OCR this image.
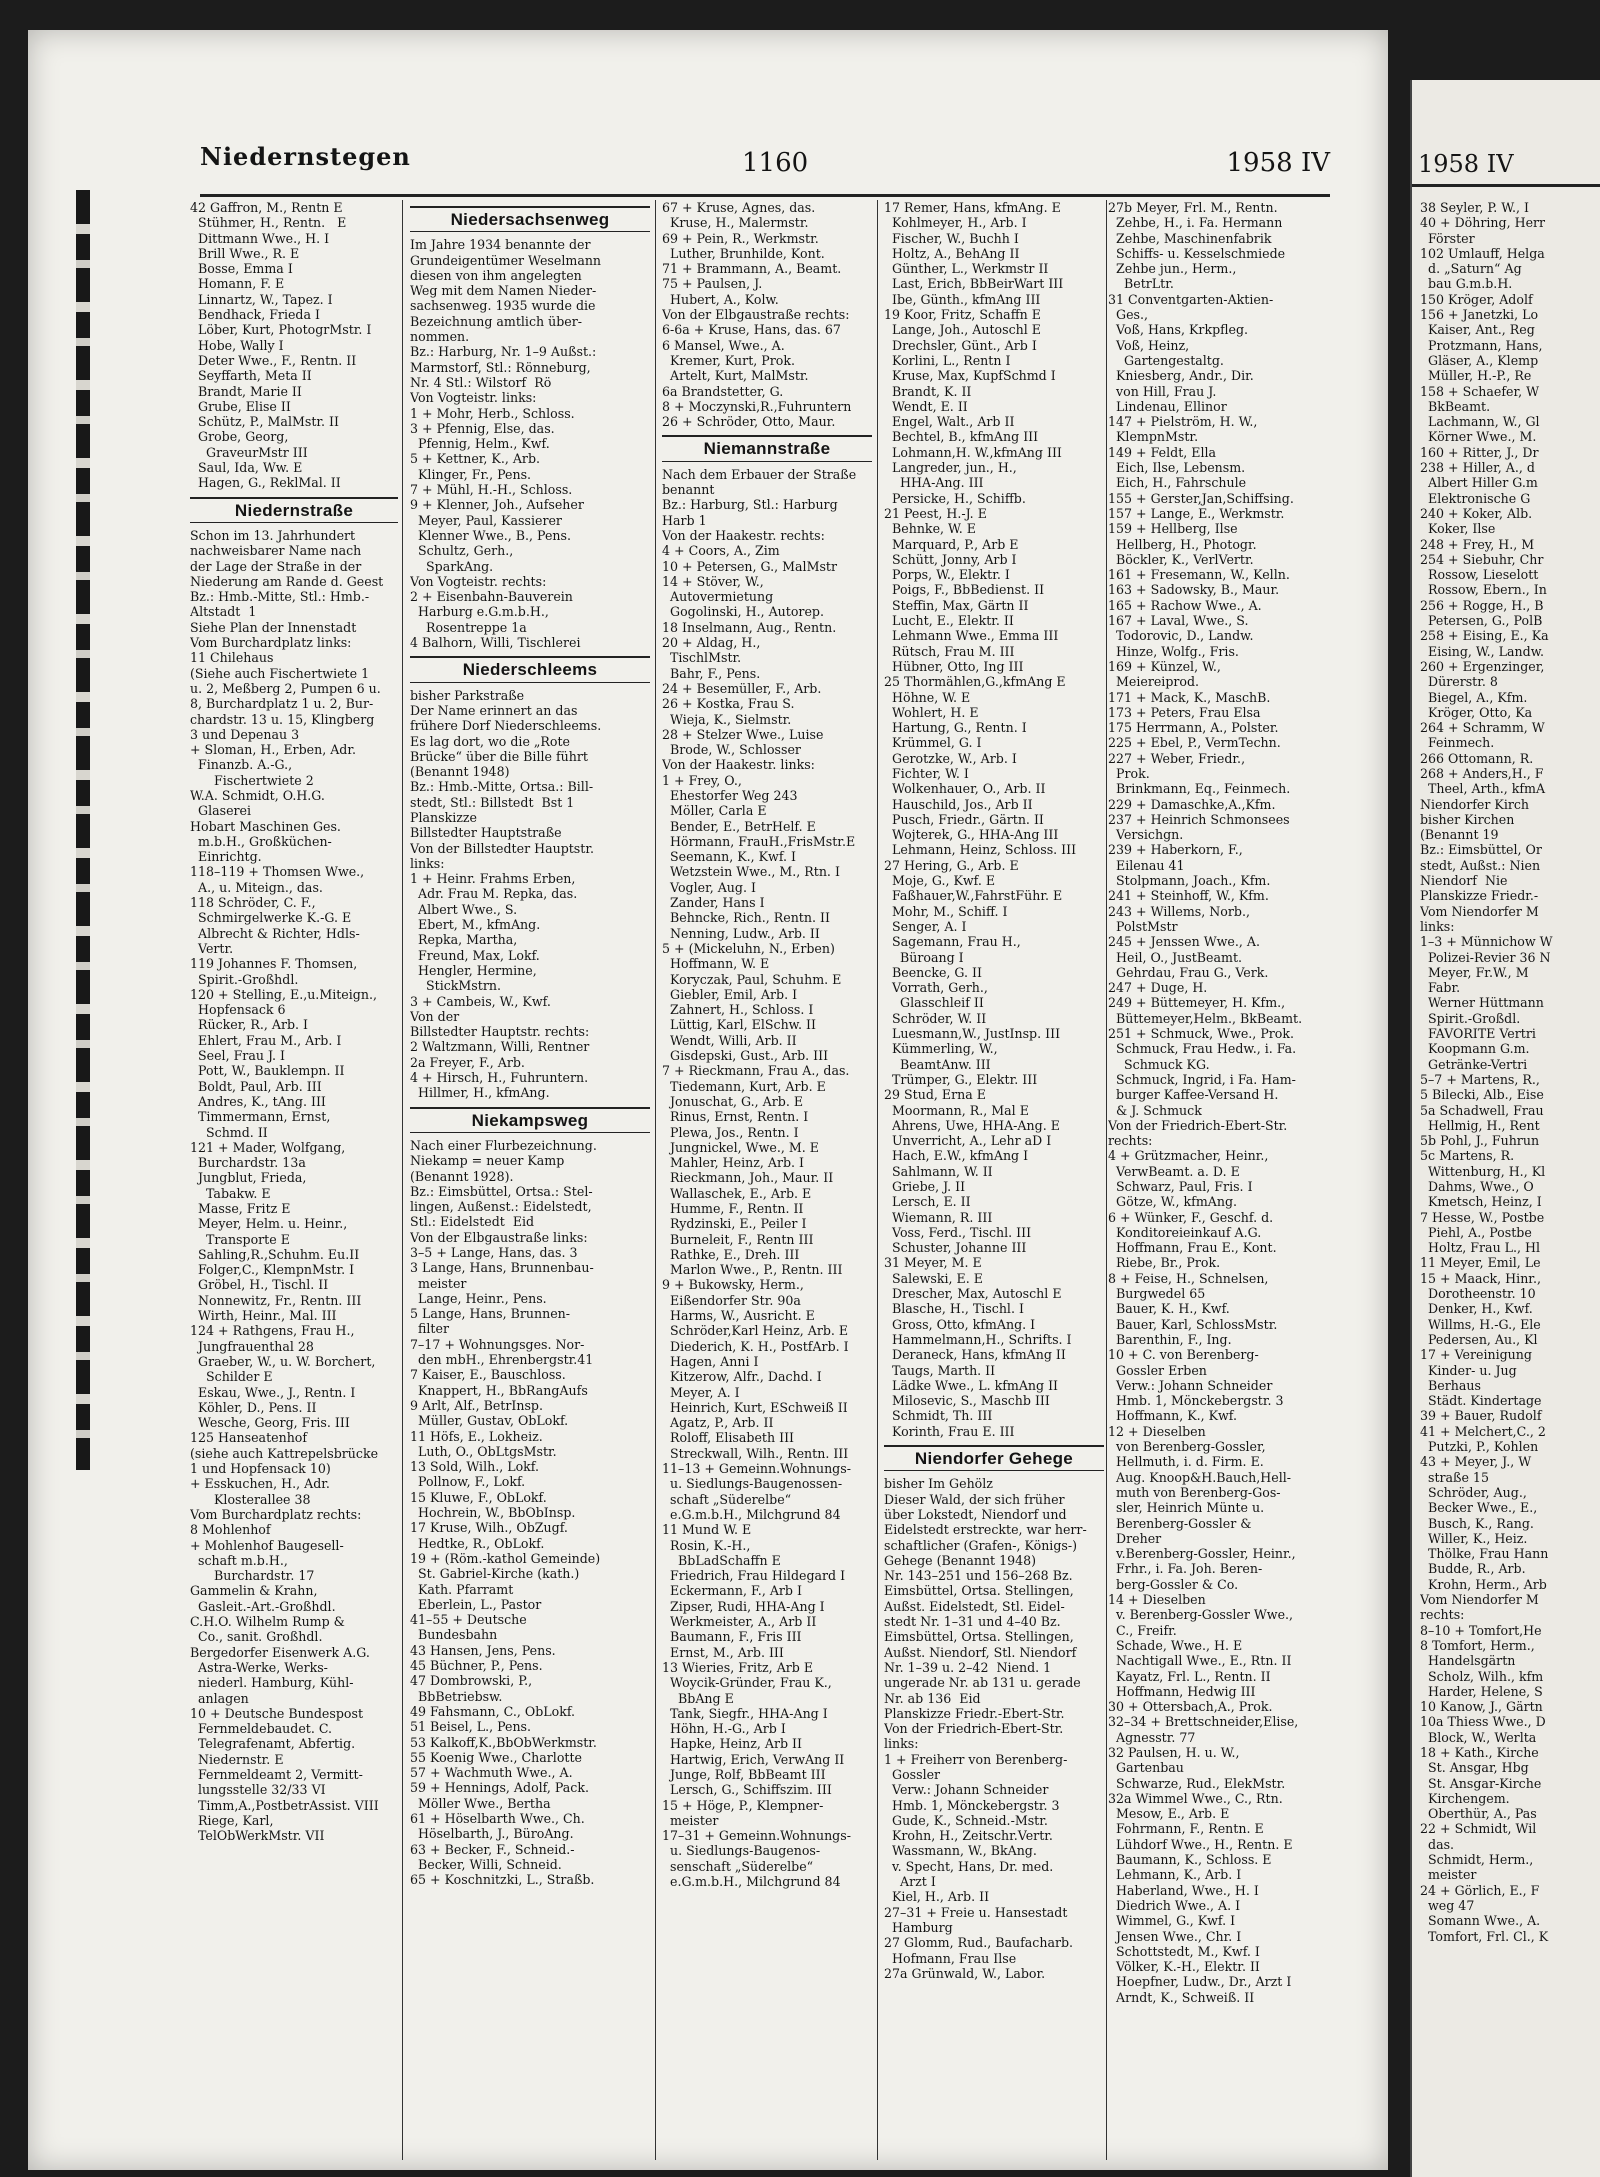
Niedernstegen	1160	1958 IV
42 Gaffron, M., Rentn E
Stühmer, H., Rentn.   E
Dittmann Wwe., H. I
Brill Wwe., R. E
Bosse, Emma I
Homann, F. E
Linnartz, W., Tapez. I
Bendhack, Frieda I
Löber, Kurt, PhotogrMstr. I
Hobe, Wally I
Deter Wwe., F., Rentn. II
Seyffarth, Meta II
Brandt, Marie II
Grube, Elise II
Schütz, P., MalMstr. II
Grobe, Georg,
GraveurMstr III
Saul, Ida, Ww. E
Hagen, G., ReklMal. II
Niedernstraße
Schon im 13. Jahrhundert
nachweisbarer Name nach
der Lage der Straße in der
Niederung am Rande d. Geest
Bz.: Hmb.-Mitte, Stl.: Hmb.-
Altstadt  1
Siehe Plan der Innenstadt
Vom Burchardplatz links:
11 Chilehaus
(Siehe auch Fischertwiete 1
u. 2, Meßberg 2, Pumpen 6 u.
8, Burchardplatz 1 u. 2, Bur-
chardstr. 13 u. 15, Klingberg
3 und Depenau 3
+ Sloman, H., Erben, Adr.
Finanzb. A.-G.,
Fischertwiete 2
W.A. Schmidt, O.H.G.
Glaserei
Hobart Maschinen Ges.
m.b.H., Großküchen-
Einrichtg.
118–119 + Thomsen Wwe.,
A., u. Miteign., das.
118 Schröder, C. F.,
Schmirgelwerke K.-G. E
Albrecht & Richter, Hdls-
Vertr.
119 Johannes F. Thomsen,
Spirit.-Großhdl.
120 + Stelling, E.,u.Miteign.,
Hopfensack 6
Rücker, R., Arb. I
Ehlert, Frau M., Arb. I
Seel, Frau J. I
Pott, W., Bauklempn. II
Boldt, Paul, Arb. III
Andres, K., tAng. III
Timmermann, Ernst,
Schmd. II
121 + Mader, Wolfgang,
Burchardstr. 13a
Jungblut, Frieda,
Tabakw. E
Masse, Fritz E
Meyer, Helm. u. Heinr.,
Transporte E
Sahling,R.,Schuhm. Eu.II
Folger,C., KlempnMstr. I
Gröbel, H., Tischl. II
Nonnewitz, Fr., Rentn. III
Wirth, Heinr., Mal. III
124 + Rathgens, Frau H.,
Jungfrauenthal 28
Graeber, W., u. W. Borchert,
Schilder E
Eskau, Wwe., J., Rentn. I
Köhler, D., Pens. II
Wesche, Georg, Fris. III
125 Hanseatenhof
(siehe auch Kattrepelsbrücke
1 und Hopfensack 10)
+ Esskuchen, H., Adr.
Klosterallee 38
Vom Burchardplatz rechts:
8 Mohlenhof
+ Mohlenhof Baugesell-
schaft m.b.H.,
Burchardstr. 17
Gammelin & Krahn,
Gasleit.-Art.-Großhdl.
C.H.O. Wilhelm Rump &
Co., sanit. Großhdl.
Bergedorfer Eisenwerk A.G.
Astra-Werke, Werks-
niederl. Hamburg, Kühl-
anlagen
10 + Deutsche Bundespost
Fernmeldebaudet. C.
Telegrafenamt, Abfertig.
Niedernstr. E
Fernmeldeamt 2, Vermitt-
lungsstelle 32/33 VI
Timm,A.,PostbetrAssist. VIII
Riege, Karl,
TelObWerkMstr. VII
Niedersachsenweg
Im Jahre 1934 benannte der
Grundeigentümer Weselmann
diesen von ihm angelegten
Weg mit dem Namen Nieder-
sachsenweg. 1935 wurde die
Bezeichnung amtlich über-
nommen.
Bz.: Harburg, Nr. 1–9 Außst.:
Marmstorf, Stl.: Rönneburg,
Nr. 4 Stl.: Wilstorf  Rö
Von Vogteistr. links:
1 + Mohr, Herb., Schloss.
3 + Pfennig, Else, das.
Pfennig, Helm., Kwf.
5 + Kettner, K., Arb.
Klinger, Fr., Pens.
7 + Mühl, H.-H., Schloss.
9 + Klenner, Joh., Aufseher
Meyer, Paul, Kassierer
Klenner Wwe., B., Pens.
Schultz, Gerh.,
SparkAng.
Von Vogteistr. rechts:
2 + Eisenbahn-Bauverein
Harburg e.G.m.b.H.,
Rosentreppe 1a
4 Balhorn, Willi, Tischlerei
Niederschleems
bisher Parkstraße
Der Name erinnert an das
frühere Dorf Niederschleems.
Es lag dort, wo die „Rote
Brücke“ über die Bille führt
(Benannt 1948)
Bz.: Hmb.-Mitte, Ortsa.: Bill-
stedt, Stl.: Billstedt  Bst 1
Planskizze
Billstedter Hauptstraße
Von der Billstedter Hauptstr.
links:
1 + Heinr. Frahms Erben,
Adr. Frau M. Repka, das.
Albert Wwe., S.
Ebert, M., kfmAng.
Repka, Martha,
Freund, Max, Lokf.
Hengler, Hermine,
StickMstrn.
3 + Cambeis, W., Kwf.
Von der
Billstedter Hauptstr. rechts:
2 Waltzmann, Willi, Rentner
2a Freyer, F., Arb.
4 + Hirsch, H., Fuhruntern.
Hillmer, H., kfmAng.
Niekampsweg
Nach einer Flurbezeichnung.
Niekamp = neuer Kamp
(Benannt 1928).
Bz.: Eimsbüttel, Ortsa.: Stel-
lingen, Außenst.: Eidelstedt,
Stl.: Eidelstedt  Eid
Von der Elbgaustraße links:
3–5 + Lange, Hans, das. 3
3 Lange, Hans, Brunnenbau-
meister
Lange, Heinr., Pens.
5 Lange, Hans, Brunnen-
filter
7–17 + Wohnungsges. Nor-
den mbH., Ehrenbergstr.41
7 Kaiser, E., Bauschloss.
Knappert, H., BbRangAufs
9 Arlt, Alf., BetrInsp.
Müller, Gustav, ObLokf.
11 Höfs, E., Lokheiz.
Luth, O., ObLtgsMstr.
13 Sold, Wilh., Lokf.
Pollnow, F., Lokf.
15 Kluwe, F., ObLokf.
Hochrein, W., BbObInsp.
17 Kruse, Wilh., ObZugf.
Hedtke, R., ObLokf.
19 + (Röm.-kathol Gemeinde)
St. Gabriel-Kirche (kath.)
Kath. Pfarramt
Eberlein, L., Pastor
41–55 + Deutsche
Bundesbahn
43 Hansen, Jens, Pens.
45 Büchner, P., Pens.
47 Dombrowski, P.,
BbBetriebsw.
49 Fahsmann, C., ObLokf.
51 Beisel, L., Pens.
53 Kalkoff,K.,BbObWerkmstr.
55 Koenig Wwe., Charlotte
57 + Wachmuth Wwe., A.
59 + Hennings, Adolf, Pack.
Möller Wwe., Bertha
61 + Höselbarth Wwe., Ch.
Höselbarth, J., BüroAng.
63 + Becker, F., Schneid.-
Becker, Willi, Schneid.
65 + Koschnitzki, L., Straßb.
67 + Kruse, Agnes, das.
Kruse, H., Malermstr.
69 + Pein, R., Werkmstr.
Luther, Brunhilde, Kont.
71 + Brammann, A., Beamt.
75 + Paulsen, J.
Hubert, A., Kolw.
Von der Elbgaustraße rechts:
6-6a + Kruse, Hans, das. 67
6 Mansel, Wwe., A.
Kremer, Kurt, Prok.
Artelt, Kurt, MalMstr.
6a Brandstetter, G.
8 + Moczynski,R.,Fuhruntern
26 + Schröder, Otto, Maur.
Niemannstraße
Nach dem Erbauer der Straße
benannt
Bz.: Harburg, Stl.: Harburg
Harb 1
Von der Haakestr. rechts:
4 + Coors, A., Zim
10 + Petersen, G., MalMstr
14 + Stöver, W.,
Autovermietung
Gogolinski, H., Autorep.
18 Inselmann, Aug., Rentn.
20 + Aldag, H.,
TischlMstr.
Bahr, F., Pens.
24 + Besemüller, F., Arb.
26 + Kostka, Frau S.
Wieja, K., Sielmstr.
28 + Stelzer Wwe., Luise
Brode, W., Schlosser
Von der Haakestr. links:
1 + Frey, O.,
Ehestorfer Weg 243
Möller, Carla E
Bender, E., BetrHelf. E
Hörmann, FrauH.,FrisMstr.E
Seemann, K., Kwf. I
Wetzstein Wwe., M., Rtn. I
Vogler, Aug. I
Zander, Hans I
Behncke, Rich., Rentn. II
Nenning, Ludw., Arb. II
5 + (Mickeluhn, N., Erben)
Hoffmann, W. E
Koryczak, Paul, Schuhm. E
Giebler, Emil, Arb. I
Zahnert, H., Schloss. I
Lüttig, Karl, ElSchw. II
Wendt, Willi, Arb. II
Gisdepski, Gust., Arb. III
7 + Rieckmann, Frau A., das.
Tiedemann, Kurt, Arb. E
Jonuschat, G., Arb. E
Rinus, Ernst, Rentn. I
Plewa, Jos., Rentn. I
Jungnickel, Wwe., M. E
Mahler, Heinz, Arb. I
Rieckmann, Joh., Maur. II
Wallaschek, E., Arb. E
Humme, F., Rentn. II
Rydzinski, E., Peiler I
Burneleit, F., Rentn III
Rathke, E., Dreh. III
Marlon Wwe., P., Rentn. III
9 + Bukowsky, Herm.,
Eißendorfer Str. 90a
Harms, W., Ausricht. E
Schröder,Karl Heinz, Arb. E
Diederich, K. H., PostfArb. I
Hagen, Anni I
Kitzerow, Alfr., Dachd. I
Meyer, A. I
Heinrich, Kurt, ESchweiß II
Agatz, P., Arb. II
Roloff, Elisabeth III
Streckwall, Wilh., Rentn. III
11–13 + Gemeinn.Wohnungs-
u. Siedlungs-Baugenossen-
schaft „Süderelbe“
e.G.m.b.H., Milchgrund 84
11 Mund W. E
Rosin, K.-H.,
BbLadSchaffn E
Friedrich, Frau Hildegard I
Eckermann, F., Arb I
Zipser, Rudi, HHA-Ang I
Werkmeister, A., Arb II
Baumann, F., Fris III
Ernst, M., Arb. III
13 Wieries, Fritz, Arb E
Woycik-Gründer, Frau K.,
BbAng E
Tank, Siegfr., HHA-Ang I
Höhn, H.-G., Arb I
Hapke, Heinz, Arb II
Hartwig, Erich, VerwAng II
Junge, Rolf, BbBeamt III
Lersch, G., Schiffszim. III
15 + Höge, P., Klempner-
meister
17–31 + Gemeinn.Wohnungs-
u. Siedlungs-Baugenos-
senschaft „Süderelbe“
e.G.m.b.H., Milchgrund 84
17 Remer, Hans, kfmAng. E
Kohlmeyer, H., Arb. I
Fischer, W., Buchh I
Holtz, A., BehAng II
Günther, L., Werkmstr II
Last, Erich, BbBeirWart III
Ibe, Günth., kfmAng III
19 Koor, Fritz, Schaffn E
Lange, Joh., Autoschl E
Drechsler, Günt., Arb I
Korlini, L., Rentn I
Kruse, Max, KupfSchmd I
Brandt, K. II
Wendt, E. II
Engel, Walt., Arb II
Bechtel, B., kfmAng III
Lohmann,H. W.,kfmAng III
Langreder, jun., H.,
HHA-Ang. III
Persicke, H., Schiffb.
21 Peest, H.-J. E
Behnke, W. E
Marquard, P., Arb E
Schütt, Jonny, Arb I
Porps, W., Elektr. I
Poigs, F., BbBedienst. II
Steffin, Max, Gärtn II
Lucht, E., Elektr. II
Lehmann Wwe., Emma III
Rütsch, Frau M. III
Hübner, Otto, Ing III
25 Thormählen,G.,kfmAng E
Höhne, W. E
Wohlert, H. E
Hartung, G., Rentn. I
Krümmel, G. I
Gerotzke, W., Arb. I
Fichter, W. I
Wolkenhauer, O., Arb. II
Hauschild, Jos., Arb II
Pusch, Friedr., Gärtn. II
Wojterek, G., HHA-Ang III
Lehmann, Heinz, Schloss. III
27 Hering, G., Arb. E
Moje, G., Kwf. E
Faßhauer,W.,FahrstFühr. E
Mohr, M., Schiff. I
Senger, A. I
Sagemann, Frau H.,
Büroang I
Beencke, G. II
Vorrath, Gerh.,
Glasschleif II
Schröder, W. II
Luesmann,W., JustInsp. III
Kümmerling, W.,
BeamtAnw. III
Trümper, G., Elektr. III
29 Stud, Erna E
Moormann, R., Mal E
Ahrens, Uwe, HHA-Ang. E
Unverricht, A., Lehr aD I
Hach, E.W., kfmAng I
Sahlmann, W. II
Griebe, J. II
Lersch, E. II
Wiemann, R. III
Voss, Ferd., Tischl. III
Schuster, Johanne III
31 Meyer, M. E
Salewski, E. E
Drescher, Max, Autoschl E
Blasche, H., Tischl. I
Gross, Otto, kfmAng. I
Hammelmann,H., Schrifts. I
Deraneck, Hans, kfmAng II
Taugs, Marth. II
Lädke Wwe., L. kfmAng II
Milosevic, S., Maschb III
Schmidt, Th. III
Korinth, Frau E. III
Niendorfer Gehege
bisher Im Gehölz
Dieser Wald, der sich früher
über Lokstedt, Niendorf und
Eidelstedt erstreckte, war herr-
schaftlicher (Grafen-, Königs-)
Gehege (Benannt 1948)
Nr. 143–251 und 156–268 Bz.
Eimsbüttel, Ortsa. Stellingen,
Außst. Eidelstedt, Stl. Eidel-
stedt Nr. 1–31 und 4–40 Bz.
Eimsbüttel, Ortsa. Stellingen,
Außst. Niendorf, Stl. Niendorf
Nr. 1–39 u. 2–42  Niend. 1
ungerade Nr. ab 131 u. gerade
Nr. ab 136  Eid
Planskizze Friedr.-Ebert-Str.
Von der Friedrich-Ebert-Str.
links:
1 + Freiherr von Berenberg-
Gossler
Verw.: Johann Schneider
Hmb. 1, Mönckebergstr. 3
Gude, K., Schneid.-Mstr.
Krohn, H., Zeitschr.Vertr.
Wassmann, W., BkAng.
v. Specht, Hans, Dr. med.
Arzt I
Kiel, H., Arb. II
27–31 + Freie u. Hansestadt
Hamburg
27 Glomm, Rud., Baufacharb.
Hofmann, Frau Ilse
27a Grünwald, W., Labor.
27b Meyer, Frl. M., Rentn.
Zehbe, H., i. Fa. Hermann
Zehbe, Maschinenfabrik
Schiffs- u. Kesselschmiede
Zehbe jun., Herm.,
BetrLtr.
31 Conventgarten-Aktien-
Ges.,
Voß, Hans, Krkpfleg.
Voß, Heinz,
Gartengestaltg.
Kniesberg, Andr., Dir.
von Hill, Frau J.
Lindenau, Ellinor
147 + Pielström, H. W.,
KlempnMstr.
149 + Feldt, Ella
Eich, Ilse, Lebensm.
Eich, H., Fahrschule
155 + Gerster,Jan,Schiffsing.
157 + Lange, E., Werkmstr.
159 + Hellberg, Ilse
Hellberg, H., Photogr.
Böckler, K., VerlVertr.
161 + Fresemann, W., Kelln.
163 + Sadowsky, B., Maur.
165 + Rachow Wwe., A.
167 + Laval, Wwe., S.
Todorovic, D., Landw.
Hinze, Wolfg., Fris.
169 + Künzel, W.,
Meiereiprod.
171 + Mack, K., MaschB.
173 + Peters, Frau Elsa
175 Herrmann, A., Polster.
225 + Ebel, P., VermTechn.
227 + Weber, Friedr.,
Prok.
Brinkmann, Eq., Feinmech.
229 + Damaschke,A.,Kfm.
237 + Heinrich Schmonsees
Versichgn.
239 + Haberkorn, F.,
Eilenau 41
Stolpmann, Joach., Kfm.
241 + Steinhoff, W., Kfm.
243 + Willems, Norb.,
PolstMstr
245 + Jenssen Wwe., A.
Heil, O., JustBeamt.
Gehrdau, Frau G., Verk.
247 + Duge, H.
249 + Büttemeyer, H. Kfm.,
Büttemeyer,Helm., BkBeamt.
251 + Schmuck, Wwe., Prok.
Schmuck, Frau Hedw., i. Fa.
Schmuck KG.
Schmuck, Ingrid, i Fa. Ham-
burger Kaffee-Versand H.
& J. Schmuck
Von der Friedrich-Ebert-Str.
rechts:
4 + Grützmacher, Heinr.,
VerwBeamt. a. D. E
Schwarz, Paul, Fris. I
Götze, W., kfmAng.
6 + Wünker, F., Geschf. d.
Konditoreieinkauf A.G.
Hoffmann, Frau E., Kont.
Riebe, Br., Prok.
8 + Feise, H., Schnelsen,
Burgwedel 65
Bauer, K. H., Kwf.
Bauer, Karl, SchlossMstr.
Barenthin, F., Ing.
10 + C. von Berenberg-
Gossler Erben
Verw.: Johann Schneider
Hmb. 1, Mönckebergstr. 3
Hoffmann, K., Kwf.
12 + Dieselben
von Berenberg-Gossler,
Hellmuth, i. d. Firm. E.
Aug. Knoop&H.Bauch,Hell-
muth von Berenberg-Gos-
sler, Heinrich Münte u.
Berenberg-Gossler &
Dreher
v.Berenberg-Gossler, Heinr.,
Frhr., i. Fa. Joh. Beren-
berg-Gossler & Co.
14 + Dieselben
v. Berenberg-Gossler Wwe.,
C., Freifr.
Schade, Wwe., H. E
Nachtigall Wwe., E., Rtn. II
Kayatz, Frl. L., Rentn. II
Hoffmann, Hedwig III
30 + Ottersbach,A., Prok.
32–34 + Brettschneider,Elise,
Agnesstr. 77
32 Paulsen, H. u. W.,
Gartenbau
Schwarze, Rud., ElekMstr.
32a Wimmel Wwe., C., Rtn.
Mesow, E., Arb. E
Fohrmann, F., Rentn. E
Lühdorf Wwe., H., Rentn. E
Baumann, K., Schloss. E
Lehmann, K., Arb. I
Haberland, Wwe., H. I
Diedrich Wwe., A. I
Wimmel, G., Kwf. I
Jensen Wwe., Chr. I
Schottstedt, M., Kwf. I
Völker, K.-H., Elektr. II
Hoepfner, Ludw., Dr., Arzt I
Arndt, K., Schweiß. II
1958 IV
38 Seyler, P. W., I
40 + Döhring, Herr
Förster
102 Umlauff, Helga
d. „Saturn“ Ag
bau G.m.b.H.
150 Kröger, Adolf
156 + Janetzki, Lo
Kaiser, Ant., Reg
Protzmann, Hans,
Gläser, A., Klemp
Müller, H.-P., Re
158 + Schaefer, W
BkBeamt.
Lachmann, W., Gl
Körner Wwe., M.
160 + Ritter, J., Dr
238 + Hiller, A., d
Albert Hiller G.m
Elektronische G
240 + Koker, Alb.
Koker, Ilse
248 + Frey, H., M
254 + Siebuhr, Chr
Rossow, Lieselott
Rossow, Ebern., In
256 + Rogge, H., B
Petersen, G., PolB
258 + Eising, E., Ka
Eising, W., Landw.
260 + Ergenzinger,
Dürerstr. 8
Biegel, A., Kfm.
Kröger, Otto, Ka
264 + Schramm, W
Feinmech.
266 Ottomann, R.
268 + Anders,H., F
Theel, Arth., kfmA
Niendorfer Kirch
bisher Kirchen
(Benannt 19
Bz.: Eimsbüttel, Or
stedt, Außst.: Nien
Niendorf  Nie
Planskizze Friedr.-
Vom Niendorfer M
links:
1–3 + Münnichow W
Polizei-Revier 36 N
Meyer, Fr.W., M
Fabr.
Werner Hüttmann
Spirit.-Großdl.
FAVORITE Vertri
Koopmann G.m.
Getränke-Vertri
5–7 + Martens, R.,
5 Bilecki, Alb., Eise
5a Schadwell, Frau
Hellmig, H., Rent
5b Pohl, J., Fuhrun
5c Martens, R.
Wittenburg, H., Kl
Dahms, Wwe., O
Kmetsch, Heinz, I
7 Hesse, W., Postbe
Piehl, A., Postbe
Holtz, Frau L., Hl
11 Meyer, Emil, Le
15 + Maack, Hinr.,
Dorotheenstr. 10
Denker, H., Kwf.
Willms, H.-G., Ele
Pedersen, Au., Kl
17 + Vereinigung
Kinder- u. Jug
Berhaus
Städt. Kindertage
39 + Bauer, Rudolf
41 + Melchert,C., 2
Putzki, P., Kohlen
43 + Meyer, J., W
straße 15
Schröder, Aug.,
Becker Wwe., E.,
Busch, K., Rang.
Willer, K., Heiz.
Thölke, Frau Hann
Budde, R., Arb.
Krohn, Herm., Arb
Vom Niendorfer M
rechts:
8–10 + Tomfort,He
8 Tomfort, Herm.,
Handelsgärtn
Scholz, Wilh., kfm
Harder, Helene, S
10 Kanow, J., Gärtn
10a Thiess Wwe., D
Block, W., Werlta
18 + Kath., Kirche
St. Ansgar, Hbg
St. Ansgar-Kirche
Kirchengem.
Oberthür, A., Pas
22 + Schmidt, Wil
das.
Schmidt, Herm.,
meister
24 + Görlich, E., F
weg 47
Somann Wwe., A.
Tomfort, Frl. Cl., K
